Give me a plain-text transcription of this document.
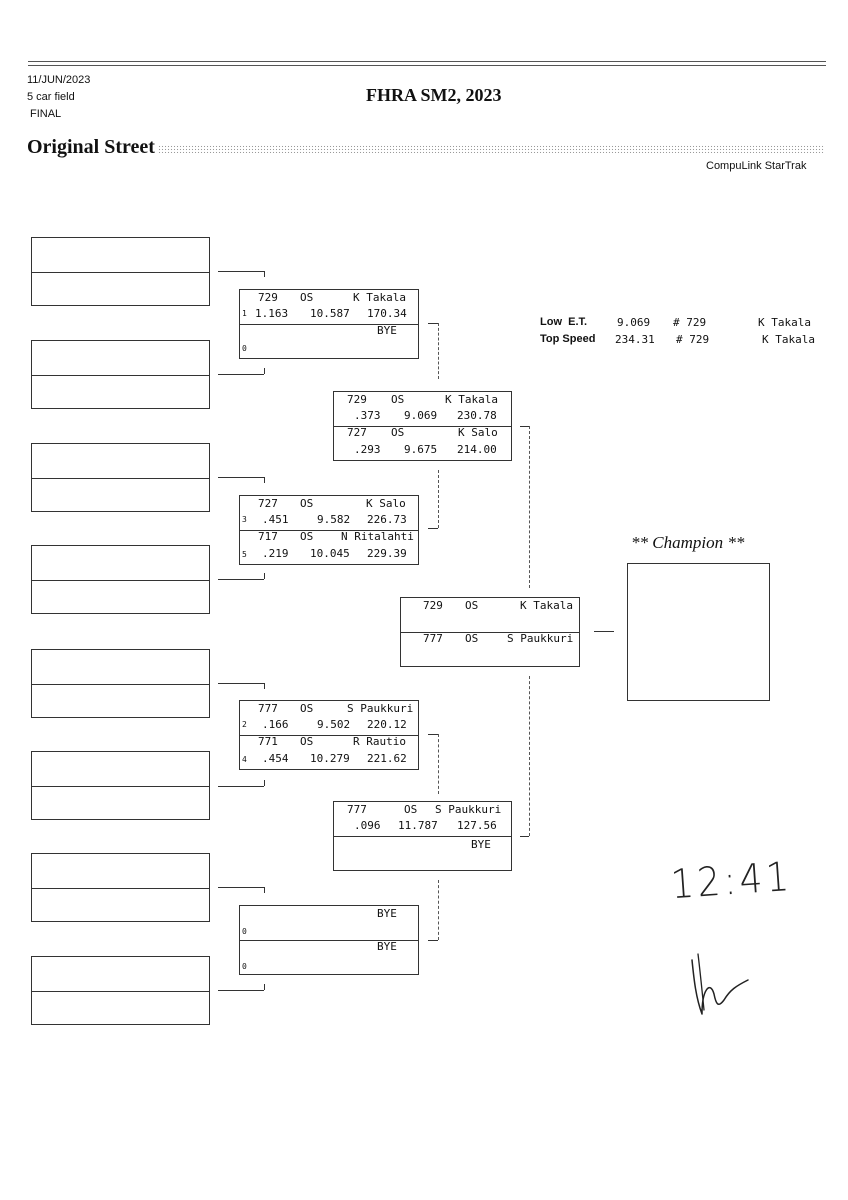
11/JUN/2023
5 car field
FINAL
FHRA SM2, 2023
Original Street
CompuLink StarTrak
Low  E.T.	9.069 # 729	K Takala
Top Speed 234.31 # 729	K Takala
729 OS	K Takala
1 1.163 10.587 170.34
BYE
0
727 OS	K Salo
3 .451	9.582 226.73
717 OS	N Ritalahti
5 .219 10.045 229.39
777 OS	S Paukkuri
2 .166	9.502 220.12
771 OS	R Rautio
4 .454 10.279 221.62
BYE
0
BYE
0
729 OS	K Takala
.373 9.069 230.78
727 OS	K Salo
.293 9.675 214.00
777	OS S Paukkuri
.096 11.787 127.56
BYE
729 OS	K Takala
777 OS	S Paukkuri
** Champion **
12:41
